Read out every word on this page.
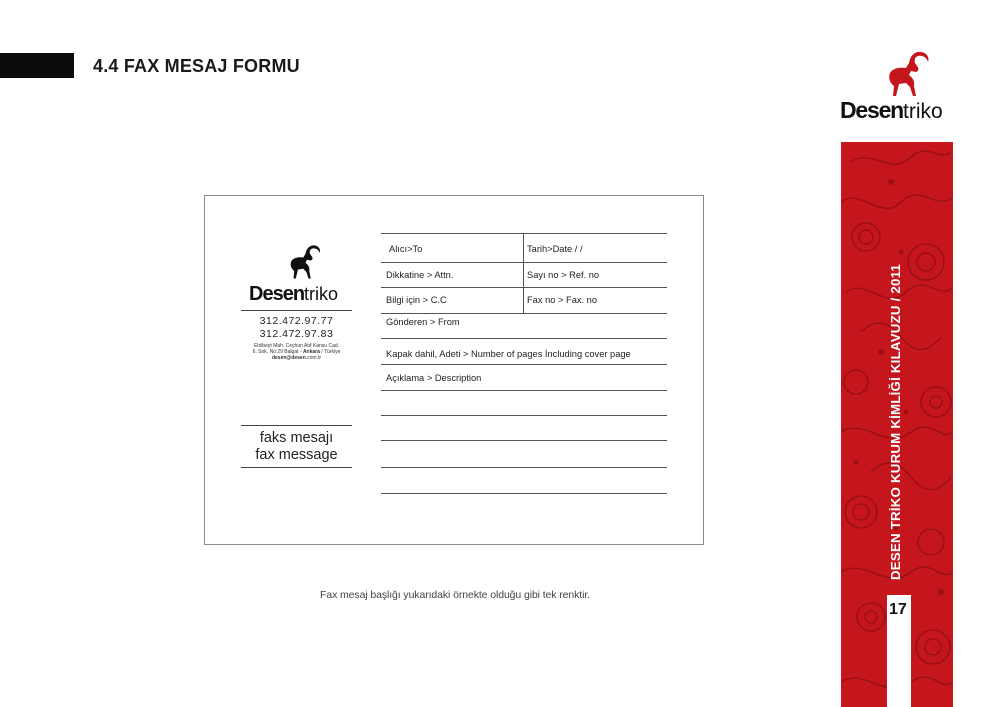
4.4 FAX MESAJ FORMU
Desentriko
DESEN TRİKO KURUM KİMLİĞİ KILAVUZU / 2011
17
Desentriko
312.472.97.77
312.472.97.83
Ehlibeyt Mah. Ceyhun Atıf Kansu Cad.
6. Sok. No:29 Balgat - Ankara / Türkiye
desen@desen.com.tr
faks mesajı
fax message
Alıcı>To	Tarih>Date / /
Dikkatine > Attn.	Sayı no > Ref. no
Bilgi için > C.C	Fax no > Fax. no
Gönderen > From
Kapak dahil, Adeti > Number of pages İncluding cover page
Açıklama > Description
Fax mesaj başlığı yukarıdaki örnekte olduğu gibi tek renktir.
